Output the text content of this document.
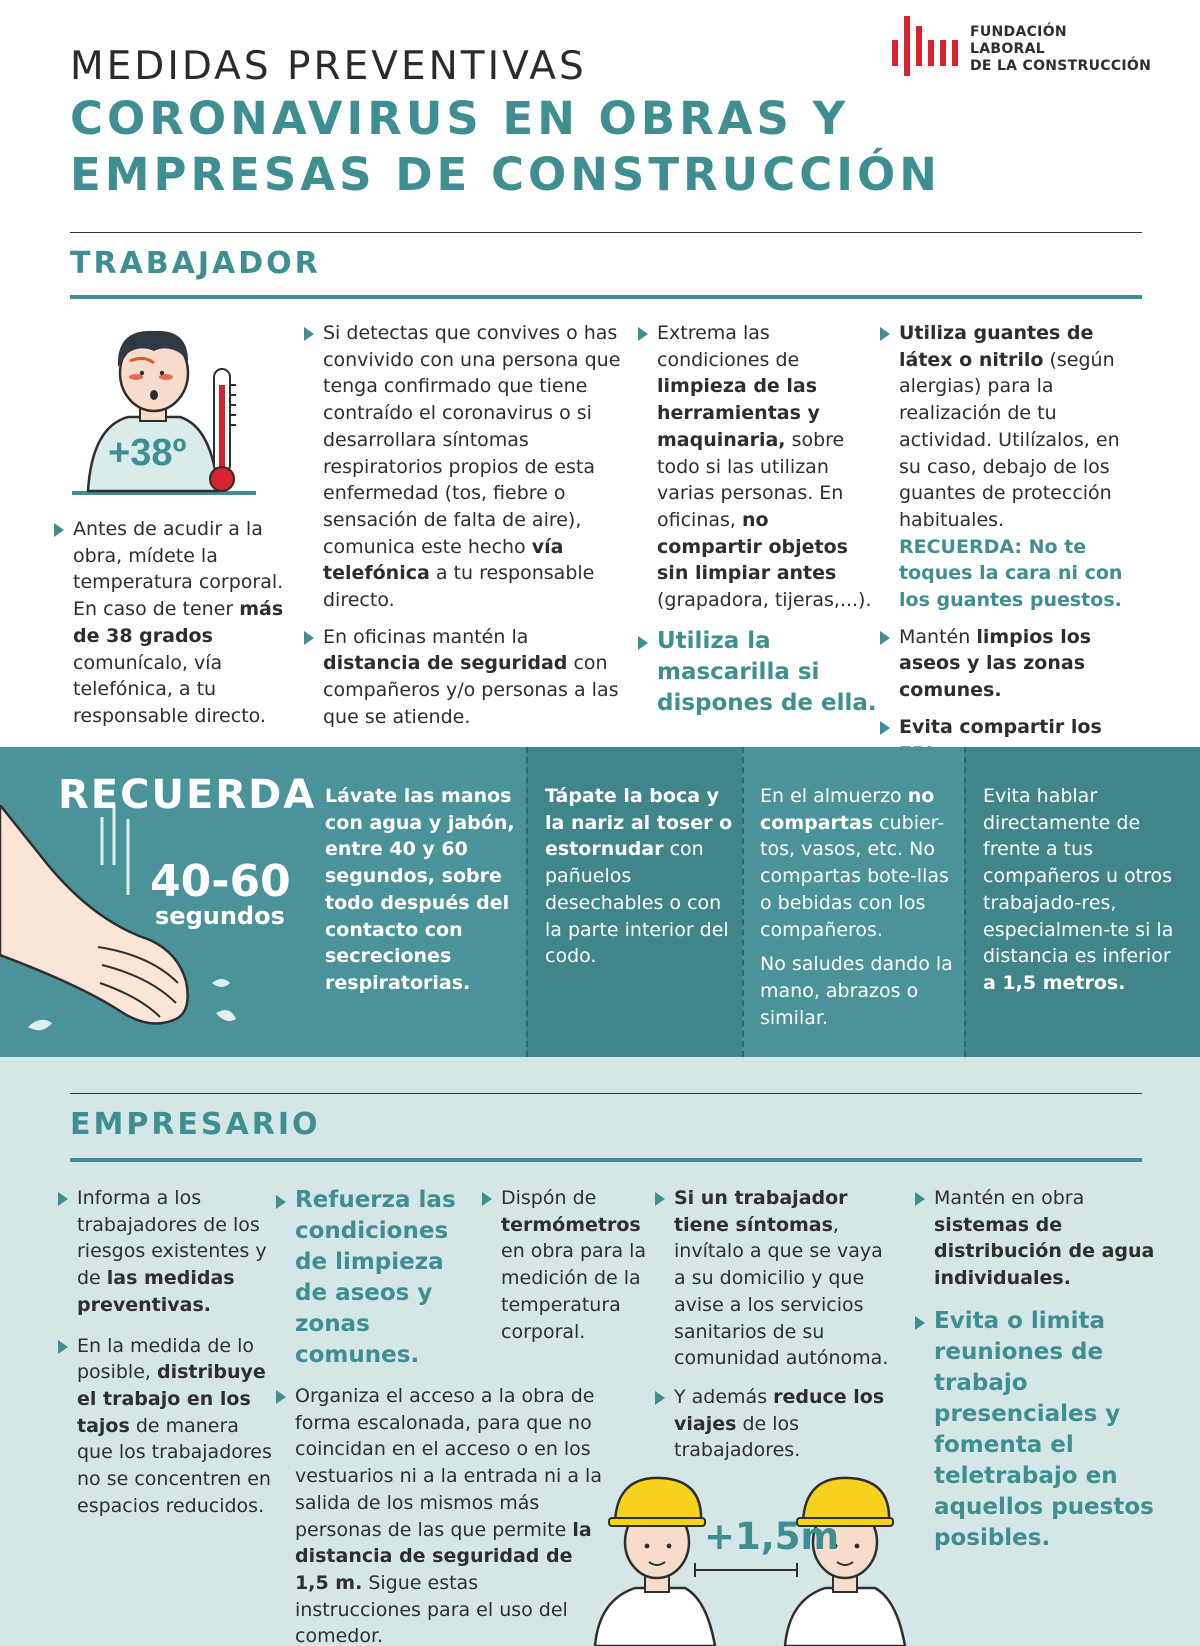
MEDIDAS PREVENTIVAS
CORONAVIRUS EN OBRAS Y
EMPRESAS DE CONSTRUCCIÓN
FUNDACIÓN
LABORAL
DE LA CONSTRUCCIÓN
TRABAJADOR
+38º
Antes de acudir a la obra, mídete la temperatura corporal. En caso de tener más de 38 grados comunícalo, vía telefónica, a tu responsable directo.
Si detectas que convives o has convivido con una persona que tenga confirmado que tiene contraído el coronavirus o si desarrollara síntomas respiratorios propios de esta enfermedad (tos, fiebre o sensación de falta de aire), comunica este hecho vía telefónica a tu responsable directo.
En oficinas mantén la distancia de seguridad con compañeros y/o personas a las que se atiende.
Extrema las condiciones de limpieza de las herramientas y maquinaria, sobre todo si las utilizan varias personas. En oficinas, no compartir objetos sin limpiar antes (grapadora, tijeras,...).
Utiliza la mascarilla si dispones de ella.
Utiliza guantes de látex o nitrilo (según alergias) para la realización de tu actividad. Utilízalos, en su caso, debajo de los guantes de protección habituales.
RECUERDA: No te toques la cara ni con los guantes puestos.
Mantén limpios los aseos y las zonas comunes.
Evita compartir los
RECUERDA
40-60
segundos
Lávate las manos con agua y jabón, entre 40 y 60 segundos, sobre todo después del contacto con secreciones respiratorias.
Tápate la boca y la nariz al toser o estornudar con pañuelos desechables o con la parte interior del codo.
En el almuerzo no compartas cubier-tos, vasos, etc. No compartas bote-llas o bebidas con los compañeros.
No saludes dando la mano, abrazos o similar.
Evita hablar directamente de frente a tus compañeros u otros trabajado-res, especialmen-te si la distancia es inferior a 1,5 metros.
EMPRESARIO
Informa a los trabajadores de los riesgos existentes y de las medidas preventivas.
En la medida de lo posible, distribuye el trabajo en los tajos de manera que los trabajadores no se concentren en espacios reducidos.
Refuerza las condiciones de limpieza de aseos y zonas comunes.
Organiza el acceso a la obra de forma escalonada, para que no coincidan en el acceso o en los vestuarios ni a la entrada ni a la salida de los mismos más personas de las que permite la distancia de seguridad de 1,5 m. Sigue estas instrucciones para el uso del comedor.
Dispón de termómetros en obra para la medición de la temperatura corporal.
Si un trabajador tiene síntomas, invítalo a que se vaya a su domicilio y que avise a los servicios sanitarios de su comunidad autónoma.
Y además reduce los viajes de los trabajadores.
Mantén en obra sistemas de distribución de agua individuales.
Evita o limita reuniones de trabajo presenciales y fomenta el teletrabajo en aquellos puestos posibles.
+1,5m
